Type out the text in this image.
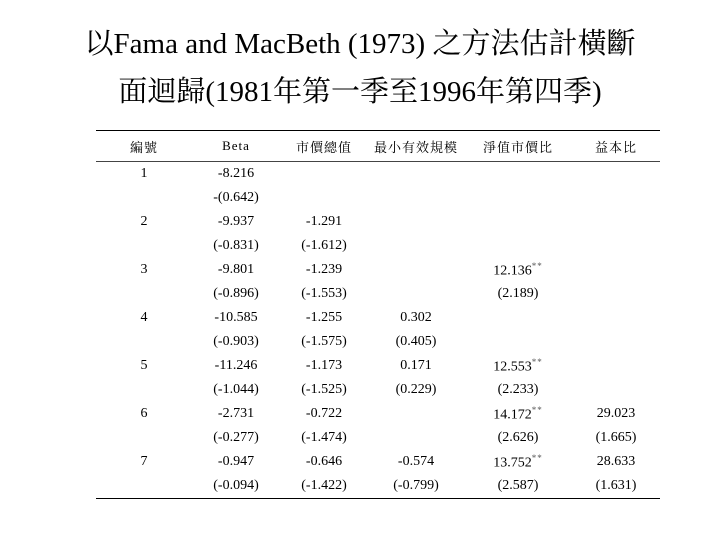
以Fama and MacBeth (1973) 之方法估計橫斷
面迴歸(1981年第一季至1996年第四季)
編號	Beta	市價總值	最小有效規模	淨值市價比	益本比

1	-8.216				
	-(0.642)				
2	-9.937	-1.291			
	(-0.831)	(-1.612)			
3	-9.801	-1.239		12.136**	
	(-0.896)	(-1.553)		(2.189)	
4	-10.585	-1.255	0.302		
	(-0.903)	(-1.575)	(0.405)		
5	-11.246	-1.173	0.171	12.553**	
	(-1.044)	(-1.525)	(0.229)	(2.233)	
6	-2.731	-0.722		14.172**	29.023
	(-0.277)	(-1.474)		(2.626)	(1.665)
7	-0.947	-0.646	-0.574	13.752**	28.633
	(-0.094)	(-1.422)	(-0.799)	(2.587)	(1.631)
